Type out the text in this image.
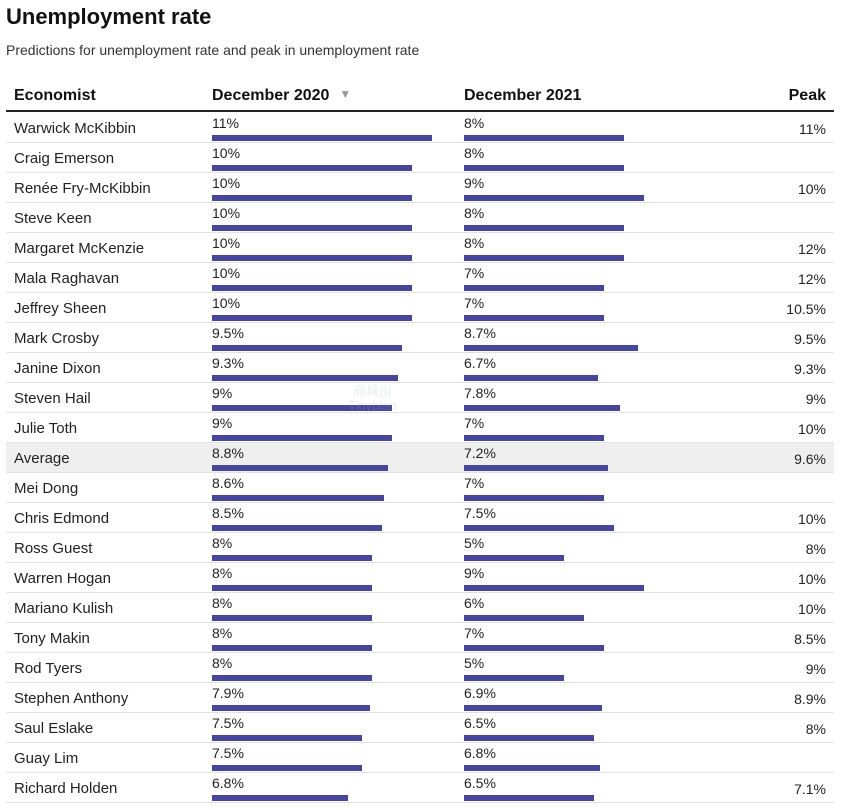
Unemployment rate
Predictions for unemployment rate and peak in unemployment rate
Economist	December 2020 ▼	December 2021	Peak
Warwick McKibbin	11%	8%	11%
Craig Emerson	10%	8%
Renée Fry-McKibbin	10%	9%	10%
Steve Keen	10%	8%
Margaret McKenzie	10%	8%	12%
Mala Raghavan	10%	7%	12%
Jeffrey Sheen	10%	7%	10.5%
Mark Crosby	9.5%	8.7%	9.5%
Janine Dixon	9.3%	6.7%	9.3%
Steven Hail	9%	7.8%	9%
Julie Toth	9%	7%	10%
Average	8.8%	7.2%	9.6%
Mei Dong	8.6%	7%
Chris Edmond	8.5%	7.5%	10%
Ross Guest	8%	5%	8%
Warren Hogan	8%	9%	10%
Mariano Kulish	8%	6%	10%
Tony Makin	8%	7%	8.5%
Rod Tyers	8%	5%	9%
Stephen Anthony	7.9%	6.9%	8.9%
Saul Eslake	7.5%	6.5%	8%
Guay Lim	7.5%	6.8%
Richard Holden	6.8%	6.5%	7.1%
商城由
Tinybian
